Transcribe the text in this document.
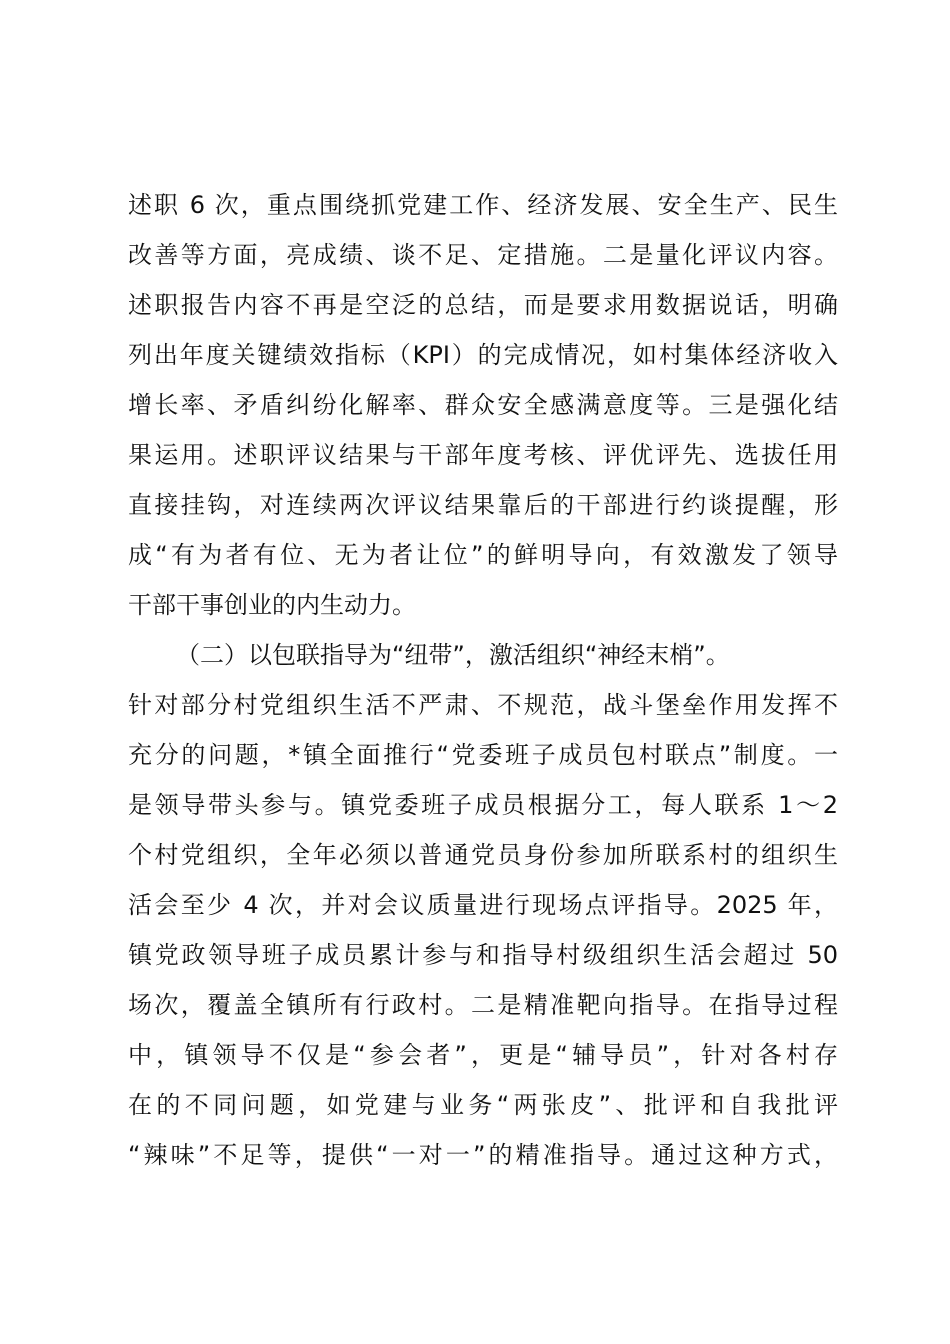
述职 6 次，重点围绕抓党建工作、经济发展、安全生产、民生
改善等方面，亮成绩、谈不足、定措施。二是量化评议内容。
述职报告内容不再是空泛的总结，而是要求用数据说话，明确
列出年度关键绩效指标（KPI）的完成情况，如村集体经济收入
增长率、矛盾纠纷化解率、群众安全感满意度等。三是强化结
果运用。述职评议结果与干部年度考核、评优评先、选拔任用
直接挂钩，对连续两次评议结果靠后的干部进行约谈提醒，形
成“有为者有位、无为者让位”的鲜明导向，有效激发了领导
干部干事创业的内生动力。
（二）以包联指导为“纽带”，激活组织“神经末梢”。
针对部分村党组织生活不严肃、不规范，战斗堡垒作用发挥不
充分的问题，*镇全面推行“党委班子成员包村联点”制度。一
是领导带头参与。镇党委班子成员根据分工，每人联系 1～2
个村党组织，全年必须以普通党员身份参加所联系村的组织生
活会至少 4 次，并对会议质量进行现场点评指导。2025 年，
镇党政领导班子成员累计参与和指导村级组织生活会超过 50
场次，覆盖全镇所有行政村。二是精准靶向指导。在指导过程
中，镇领导不仅是“参会者”，更是“辅导员”，针对各村存
在的不同问题，如党建与业务“两张皮”、批评和自我批评
“辣味”不足等，提供“一对一”的精准指导。通过这种方式，
